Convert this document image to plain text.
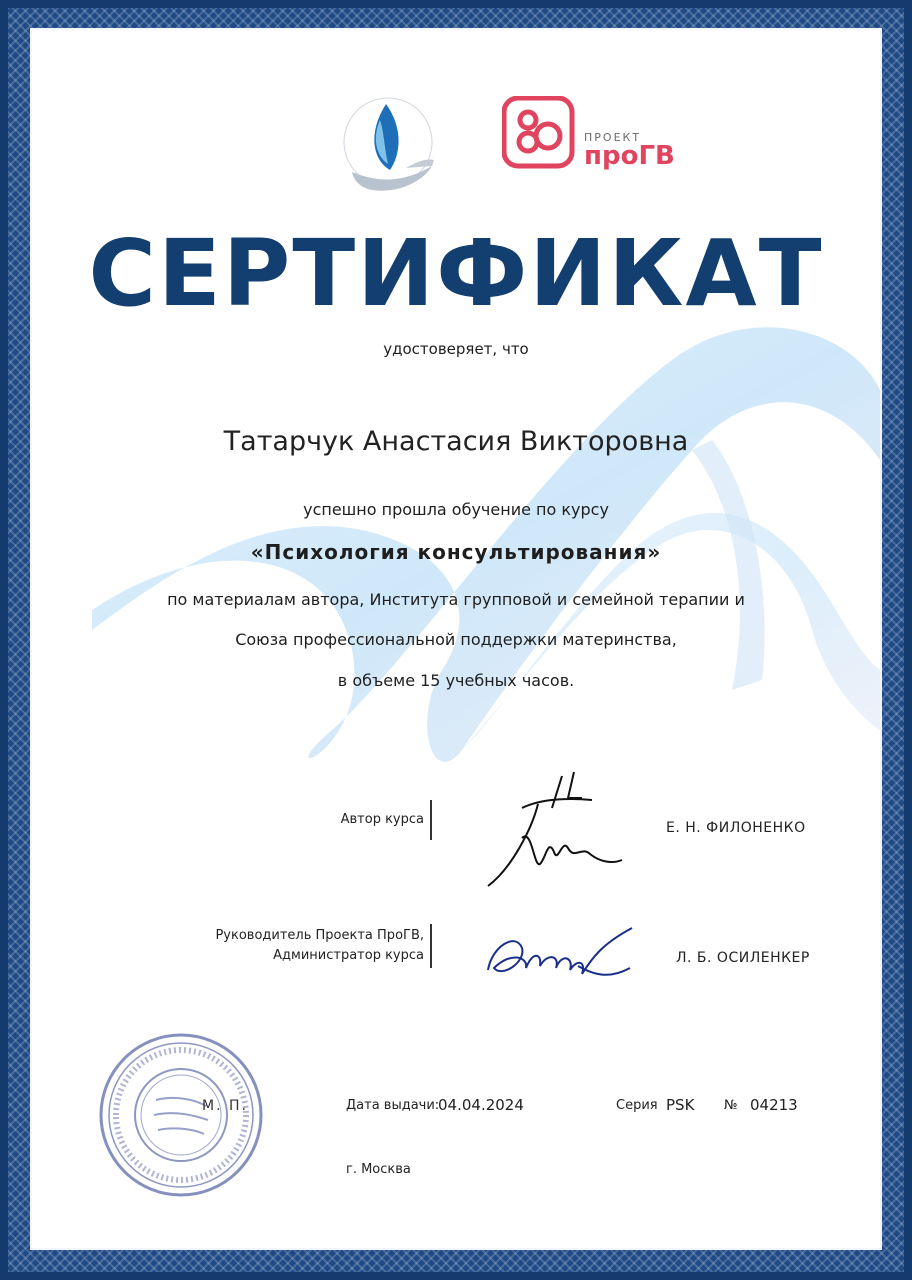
ПРОЕКТ
проГВ
СЕРТИФИКАТ

удостоверяет, что

Татарчук Анастасия Викторовна

успешно прошла обучение по курсу

«Психология консультирования»

по материалам автора, Института групповой и семейной терапии и

Союза профессиональной поддержки материнства,

в объеме 15 учебных часов.

Автор курса
Е. Н. ФИЛОНЕНКО
Руководитель Проекта ПроГВ,
Администратор курса	Л. Б. ОСИЛЕНКЕР
М. П.	Дата выдачи:
04.04.2024	Серия PSK № 04213
г. Москва
